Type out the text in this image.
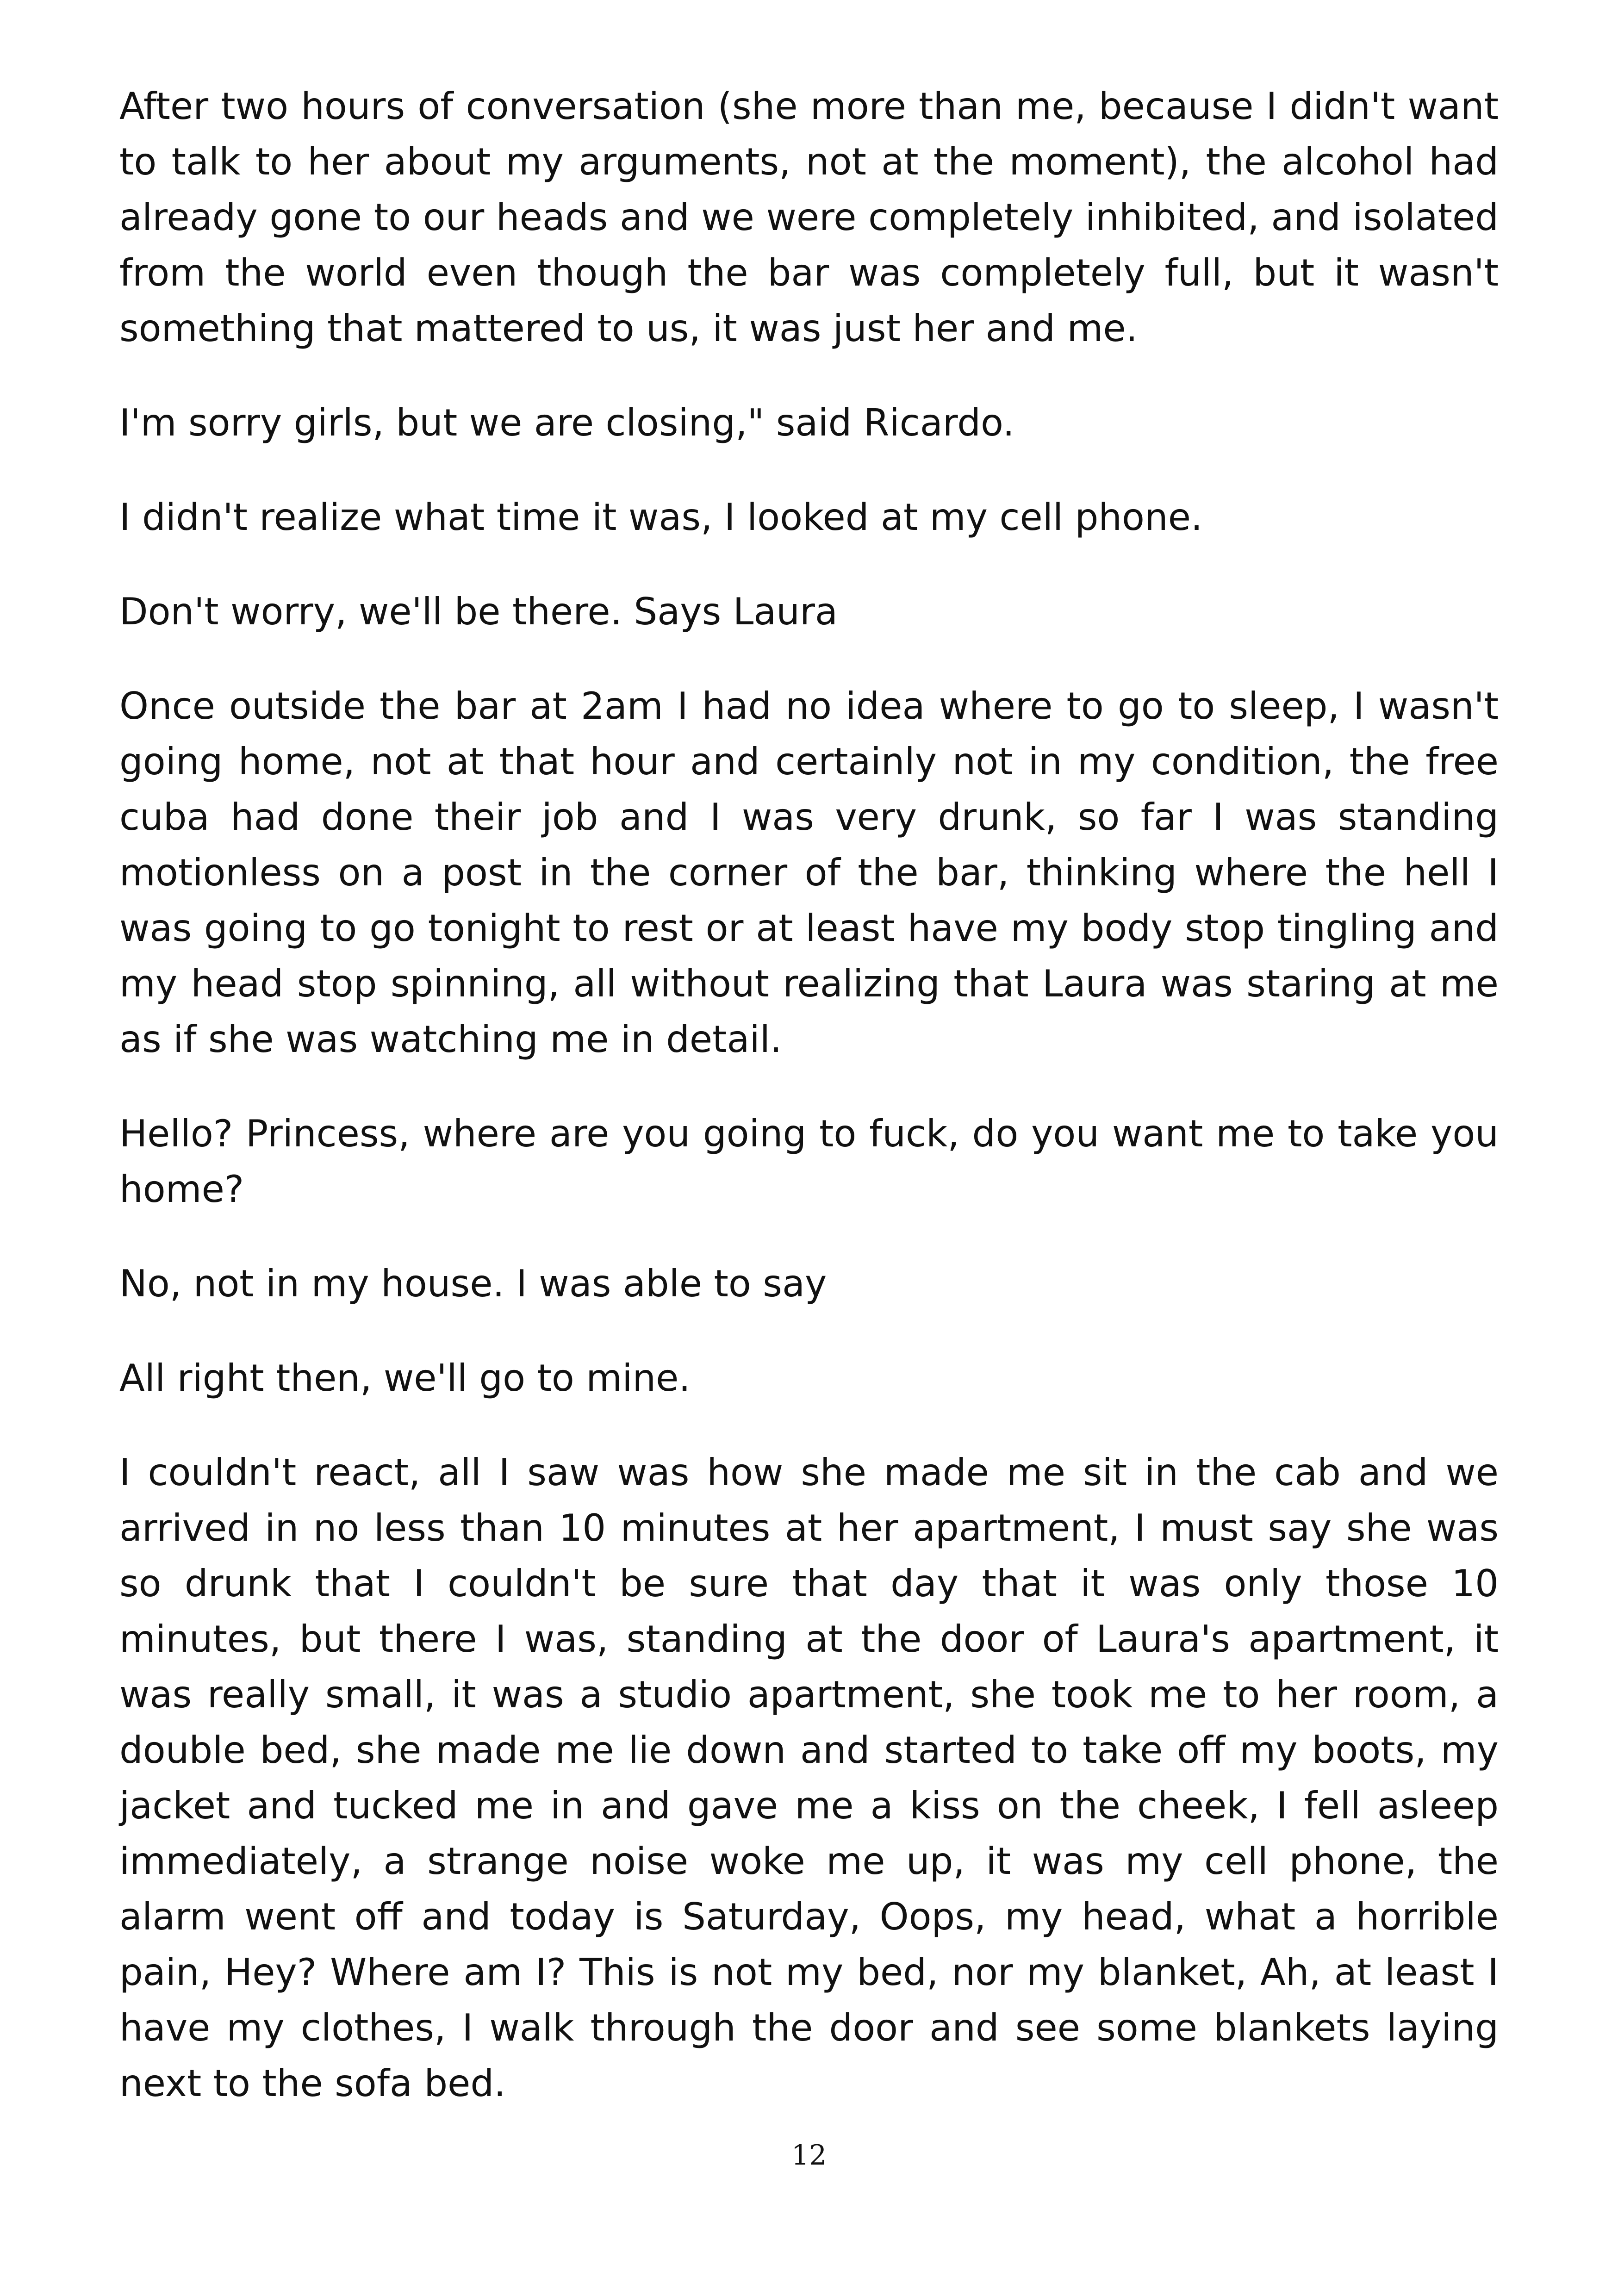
After two hours of conversation (she more than me, because I didn't want to talk to her about my arguments, not at the moment), the alcohol had already gone to our heads and we were completely inhibited, and isolated from the world even though the bar was completely full, but it wasn't something that mattered to us, it was just her and me.

I'm sorry girls, but we are closing," said Ricardo.

I didn't realize what time it was, I looked at my cell phone.

Don't worry, we'll be there. Says Laura

Once outside the bar at 2am I had no idea where to go to sleep, I wasn't going home, not at that hour and certainly not in my condition, the free cuba had done their job and I was very drunk, so far I was standing motionless on a post in the corner of the bar, thinking where the hell I was going to go tonight to rest or at least have my body stop tingling and my head stop spinning, all without realizing that Laura was staring at me as if she was watching me in detail.

Hello? Princess, where are you going to fuck, do you want me to take you home?

No, not in my house. I was able to say

All right then, we'll go to mine.

I couldn't react, all I saw was how she made me sit in the cab and we arrived in no less than 10 minutes at her apartment, I must say she was so drunk that I couldn't be sure that day that it was only those 10 minutes, but there I was, standing at the door of Laura's apartment, it was really small, it was a studio apartment, she took me to her room, a double bed, she made me lie down and started to take off my boots, my jacket and tucked me in and gave me a kiss on the cheek, I fell asleep immediately, a strange noise woke me up, it was my cell phone, the alarm went off and today is Saturday, Oops, my head, what a horrible pain, Hey? Where am I? This is not my bed, nor my blanket, Ah, at least I have my clothes, I walk through the door and see some blankets laying next to the sofa bed.

12
